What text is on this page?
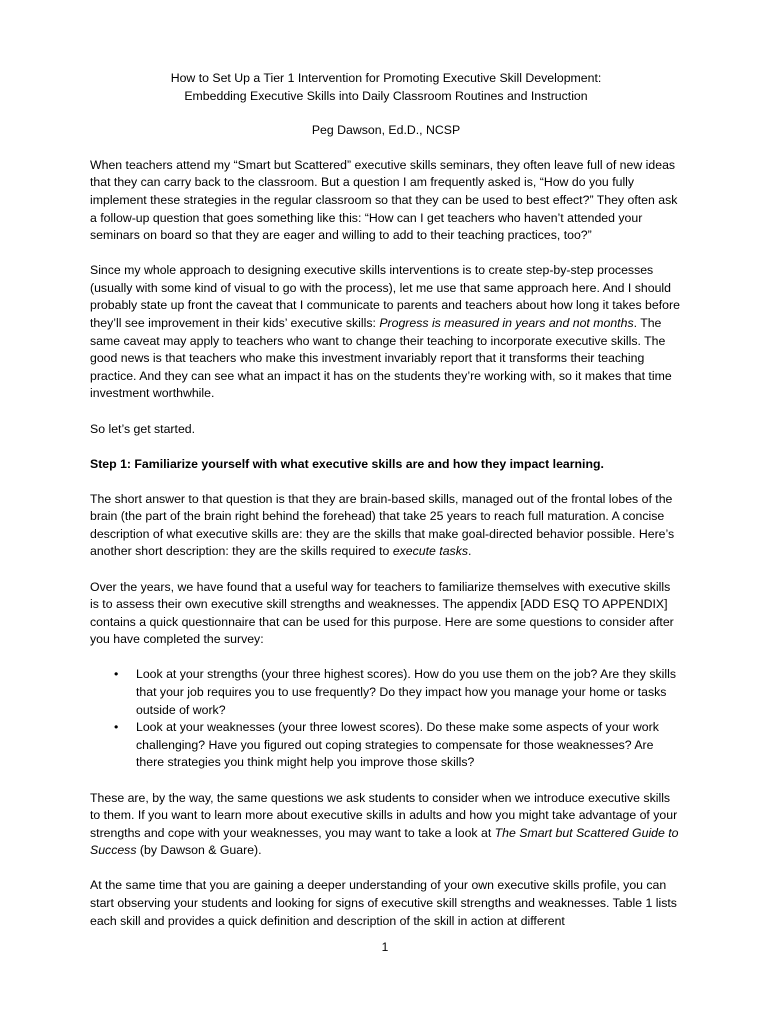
How to Set Up a Tier 1 Intervention for Promoting Executive Skill Development:
Embedding Executive Skills into Daily Classroom Routines and Instruction

Peg Dawson, Ed.D., NCSP

When teachers attend my “Smart but Scattered” executive skills seminars, they often leave full of new ideas that they can carry back to the classroom. But a question I am frequently asked is, “How do you fully implement these strategies in the regular classroom so that they can be used to best effect?” They often ask a follow-up question that goes something like this: “How can I get teachers who haven’t attended your seminars on board so that they are eager and willing to add to their teaching practices, too?”

Since my whole approach to designing executive skills interventions is to create step-by-step processes (usually with some kind of visual to go with the process), let me use that same approach here. And I should probably state up front the caveat that I communicate to parents and teachers about how long it takes before they’ll see improvement in their kids’ executive skills: Progress is measured in years and not months. The same caveat may apply to teachers who want to change their teaching to incorporate executive skills. The good news is that teachers who make this investment invariably report that it transforms their teaching practice. And they can see what an impact it has on the students they’re working with, so it makes that time investment worthwhile.

So let’s get started.

Step 1: Familiarize yourself with what executive skills are and how they impact learning.

The short answer to that question is that they are brain-based skills, managed out of the frontal lobes of the brain (the part of the brain right behind the forehead) that take 25 years to reach full maturation. A concise description of what executive skills are: they are the skills that make goal-directed behavior possible. Here’s another short description: they are the skills required to execute tasks.

Over the years, we have found that a useful way for teachers to familiarize themselves with executive skills is to assess their own executive skill strengths and weaknesses. The appendix [ADD ESQ TO APPENDIX] contains a quick questionnaire that can be used for this purpose. Here are some questions to consider after you have completed the survey:

• Look at your strengths (your three highest scores). How do you use them on the job? Are they skills that your job requires you to use frequently? Do they impact how you manage your home or tasks outside of work?
• Look at your weaknesses (your three lowest scores). Do these make some aspects of your work challenging? Have you figured out coping strategies to compensate for those weaknesses? Are there strategies you think might help you improve those skills?

These are, by the way, the same questions we ask students to consider when we introduce executive skills to them. If you want to learn more about executive skills in adults and how you might take advantage of your strengths and cope with your weaknesses, you may want to take a look at The Smart but Scattered Guide to Success (by Dawson & Guare).

At the same time that you are gaining a deeper understanding of your own executive skills profile, you can start observing your students and looking for signs of executive skill strengths and weaknesses. Table 1 lists each skill and provides a quick definition and description of the skill in action at different

1
